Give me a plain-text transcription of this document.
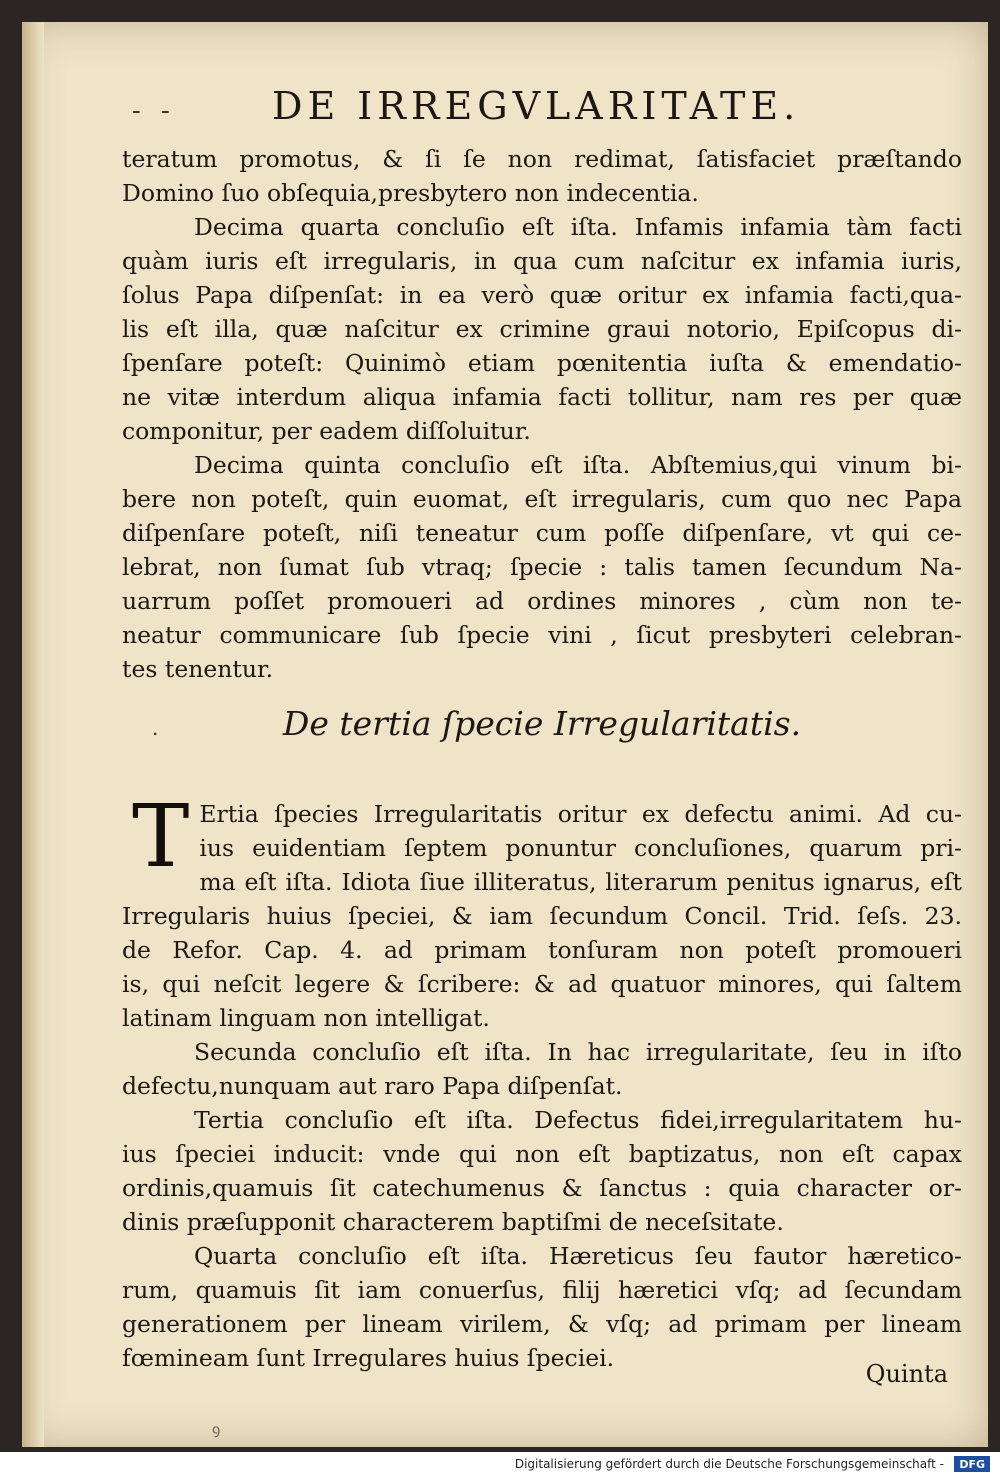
- -	DE IRREGVLARITATE.
teratum promotus, & ſi ſe non redimat, ſatisfaciet præſtando
Domino ſuo obſequia,presbytero non indecentia.
Decima quarta concluſio eſt iſta. Infamis infamia tàm facti
quàm iuris eſt irregularis, in qua cum naſcitur ex infamia iuris,
ſolus Papa diſpenſat: in ea verò quæ oritur ex infamia facti,qua-
lis eſt illa, quæ naſcitur ex crimine graui notorio, Epiſcopus di-
ſpenſare poteſt: Quinimò etiam pœnitentia iuſta & emendatio-
ne vitæ interdum aliqua infamia facti tollitur, nam res per quæ
componitur, per eadem diſſoluitur.
Decima quinta concluſio eſt iſta. Abſtemius,qui vinum bi-
bere non poteſt, quin euomat, eſt irregularis, cum quo nec Papa
diſpenſare poteſt, niſi teneatur cum poſſe diſpenſare, vt qui ce-
lebrat, non ſumat ſub vtraq; ſpecie : talis tamen ſecundum Na-
uarrum poſſet promoueri ad ordines minores , cùm non te-
neatur communicare ſub ſpecie vini , ſicut presbyteri celebran-
tes tenentur.
.	De tertia ſpecie Irregularitatis.
T Ertia ſpecies Irregularitatis oritur ex defectu animi. Ad cu-
ius euidentiam ſeptem ponuntur concluſiones, quarum pri-
ma eſt iſta. Idiota ſiue illiteratus, literarum penitus ignarus, eſt
Irregularis huius ſpeciei, & iam ſecundum Concil. Trid. ſeſs. 23.
de Refor. Cap. 4. ad primam tonſuram non poteſt promoueri
is, qui neſcit legere & ſcribere: & ad quatuor minores, qui ſaltem
latinam linguam non intelligat.
Secunda concluſio eſt iſta. In hac irregularitate, ſeu in iſto
defectu,nunquam aut raro Papa diſpenſat.
Tertia concluſio eſt iſta. Defectus fidei,irregularitatem hu-
ius ſpeciei inducit: vnde qui non eſt baptizatus, non eſt capax
ordinis,quamuis ſit catechumenus & ſanctus : quia character or-
dinis præſupponit characterem baptiſmi de neceſsitate.
Quarta concluſio eſt iſta. Hæreticus ſeu fautor hæretico-
rum, quamuis ſit iam conuerſus, filij hæretici vſq; ad ſecundam
generationem per lineam virilem, & vſq; ad primam per lineam
fœmineam ſunt Irregulares huius ſpeciei.
Quinta
ꝯ
Digitalisierung gefördert durch die Deutsche Forschungsgemeinschaft -	DFG
